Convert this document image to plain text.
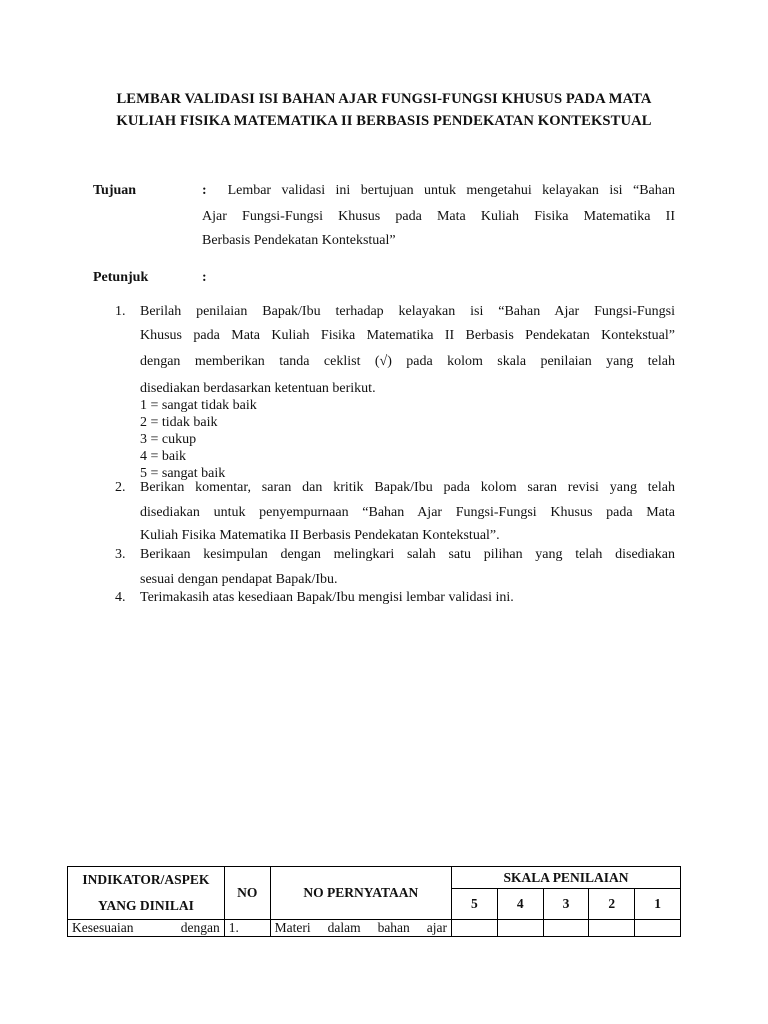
LEMBAR VALIDASI ISI BAHAN AJAR FUNGSI-FUNGSI KHUSUS PADA MATA
KULIAH FISIKA MATEMATIKA II BERBASIS PENDEKATAN KONTEKSTUAL
Tujuan	: Lembar validasi ini bertujuan untuk mengetahui kelayakan isi “Bahan
Ajar Fungsi-Fungsi Khusus pada Mata Kuliah Fisika Matematika II
Berbasis Pendekatan Kontekstual”
Petunjuk	:
1. Berilah penilaian Bapak/Ibu terhadap kelayakan isi “Bahan Ajar Fungsi-Fungsi
Khusus pada Mata Kuliah Fisika Matematika II Berbasis Pendekatan Kontekstual”
dengan memberikan tanda ceklist (√) pada kolom skala penilaian yang telah
disediakan berdasarkan ketentuan berikut.
1 = sangat tidak baik
2 = tidak baik
3 = cukup
4 = baik
5 = sangat baik
2. Berikan komentar, saran dan kritik Bapak/Ibu pada kolom saran revisi yang telah
disediakan untuk penyempurnaan “Bahan Ajar Fungsi-Fungsi Khusus pada Mata
Kuliah Fisika Matematika II Berbasis Pendekatan Kontekstual”.
3. Berikaan kesimpulan dengan melingkari salah satu pilihan yang telah disediakan
sesuai dengan pendapat Bapak/Ibu.
4. Terimakasih atas kesediaan Bapak/Ibu mengisi lembar validasi ini.
INDIKATOR/ASPEK
YANG DINILAI	NO	NO PERNYATAAN	SKALA PENILAIAN				
			5	4	3	2	1
Kesesuaian dengan	1.	Materi dalam bahan ajar					
